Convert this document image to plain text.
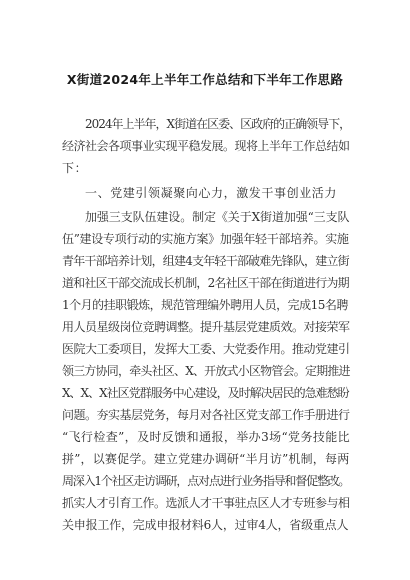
X街道2024年上半年工作总结和下半年工作思路
2024年上半年，X街道在区委、区政府的正确领导下，
经济社会各项事业实现平稳发展。现将上半年工作总结如
下：
一、党建引领凝聚向心力，激发干事创业活力
加强三支队伍建设。制定《关于X街道加强“三支队
伍”建设专项行动的实施方案》加强年轻干部培养。实施
青年干部培养计划，组建4支年轻干部破难先锋队，建立街
道和社区干部交流成长机制，2名社区干部在街道进行为期
1个月的挂职锻炼，规范管理编外聘用人员，完成15名聘
用人员星级岗位竞聘调整。提升基层党建质效。对接荣军
医院大工委项目，发挥大工委、大党委作用。推动党建引
领三方协同，牵头社区、X、开放式小区物管会。定期推进
X、X、X社区党群服务中心建设，及时解决居民的急难愁盼
问题。夯实基层党务，每月对各社区党支部工作手册进行
“飞行检查”，及时反馈和通报，举办3场“党务技能比
拼”，以赛促学。建立党建办调研“半月访”机制，每两
周深入1个社区走访调研，点对点进行业务指导和督促整改。
抓实人才引育工作。选派人才干事驻点区人才专班参与相
关申报工作，完成申报材料6人，过审4人，省级重点人
